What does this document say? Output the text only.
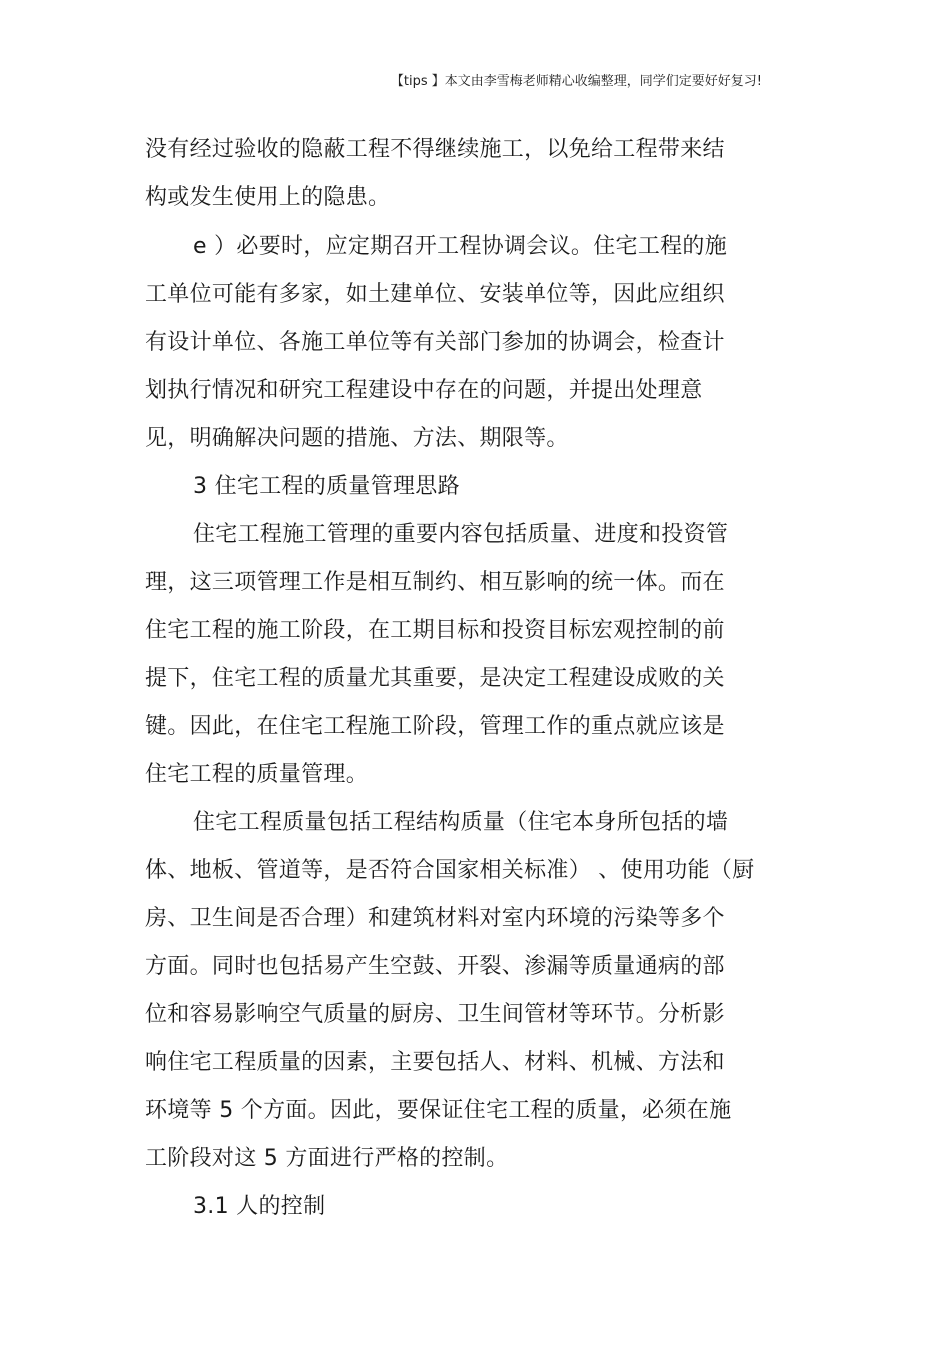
【tips 】本文由李雪梅老师精心收编整理，同学们定要好好复习!
没有经过验收的隐蔽工程不得继续施工，以免给工程带来结
构或发生使用上的隐患。
e ）必要时，应定期召开工程协调会议。住宅工程的施
工单位可能有多家，如土建单位、安装单位等，因此应组织
有设计单位、各施工单位等有关部门参加的协调会，检查计
划执行情况和研究工程建设中存在的问题，并提出处理意
见，明确解决问题的措施、方法、期限等。
3 住宅工程的质量管理思路
住宅工程施工管理的重要内容包括质量、进度和投资管
理，这三项管理工作是相互制约、相互影响的统一体。而在
住宅工程的施工阶段，在工期目标和投资目标宏观控制的前
提下，住宅工程的质量尤其重要，是决定工程建设成败的关
键。因此，在住宅工程施工阶段，管理工作的重点就应该是
住宅工程的质量管理。
住宅工程质量包括工程结构质量（住宅本身所包括的墙
体、地板、管道等，是否符合国家相关标准） 、使用功能（厨
房、卫生间是否合理）和建筑材料对室内环境的污染等多个
方面。同时也包括易产生空鼓、开裂、渗漏等质量通病的部
位和容易影响空气质量的厨房、卫生间管材等环节。分析影
响住宅工程质量的因素，主要包括人、材料、机械、方法和
环境等 5 个方面。因此，要保证住宅工程的质量，必须在施
工阶段对这 5 方面进行严格的控制。
3.1 人的控制
